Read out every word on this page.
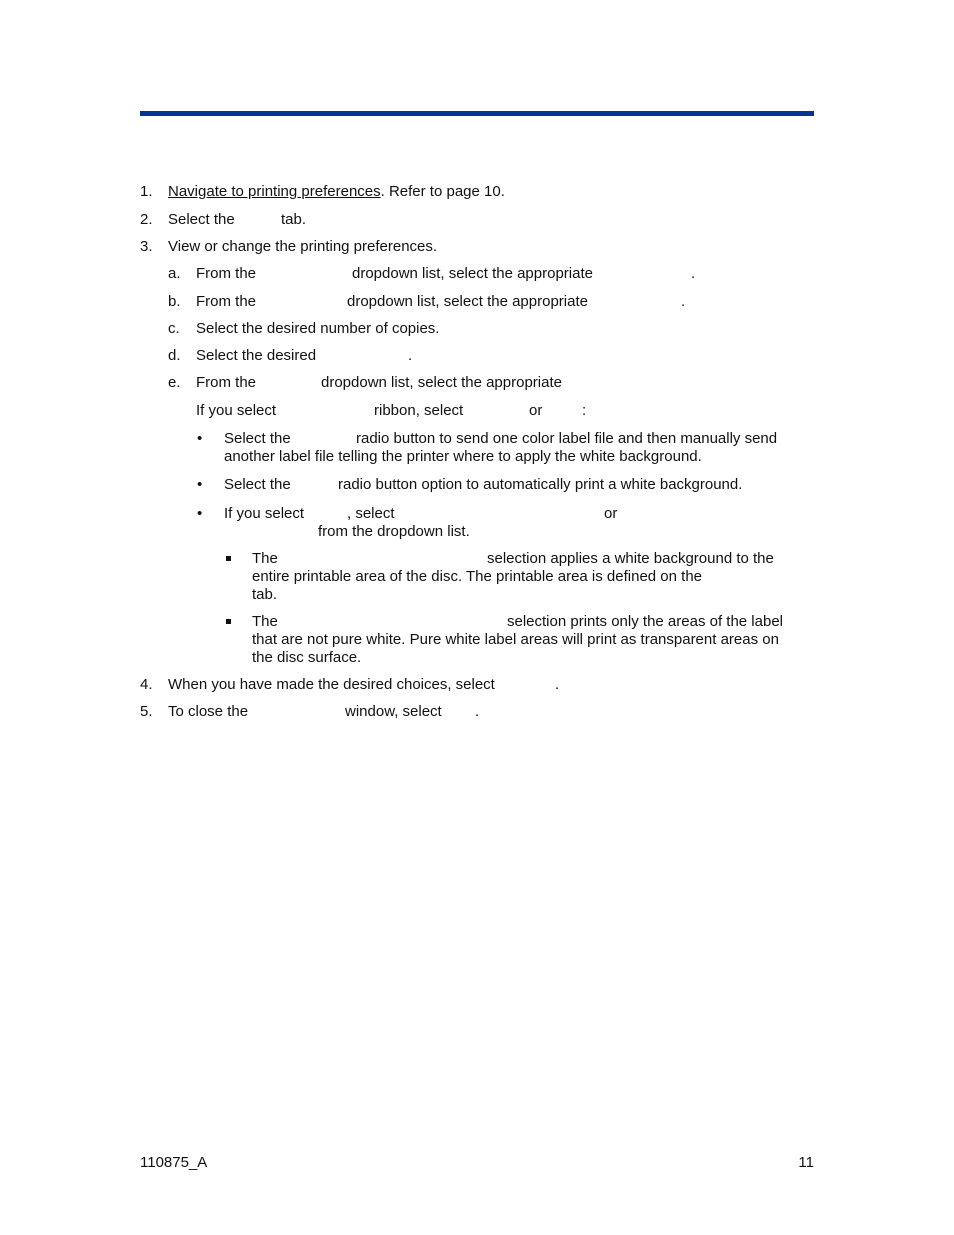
1. Navigate to printing preferences. Refer to page 10.
2. Select the	tab.
3. View or change the printing preferences.
a. From the	dropdown list, select the appropriate	.
b. From the	dropdown list, select the appropriate	.
c. Select the desired number of copies.
d. Select the desired	.
e. From the	dropdown list, select the appropriate
If you select	ribbon, select	or	:
• Select the	radio button to send one color label file and then manually send
another label file telling the printer where to apply the white background.
• Select the	radio button option to automatically print a white background.
• If you select	, select	or
from the dropdown list.
The	selection applies a white background to the
entire printable area of the disc. The printable area is defined on the
tab.
The	selection prints only the areas of the label
that are not pure white. Pure white label areas will print as transparent areas on
the disc surface.
4. When you have made the desired choices, select	.
5. To close the	window, select .
110875_A	11
